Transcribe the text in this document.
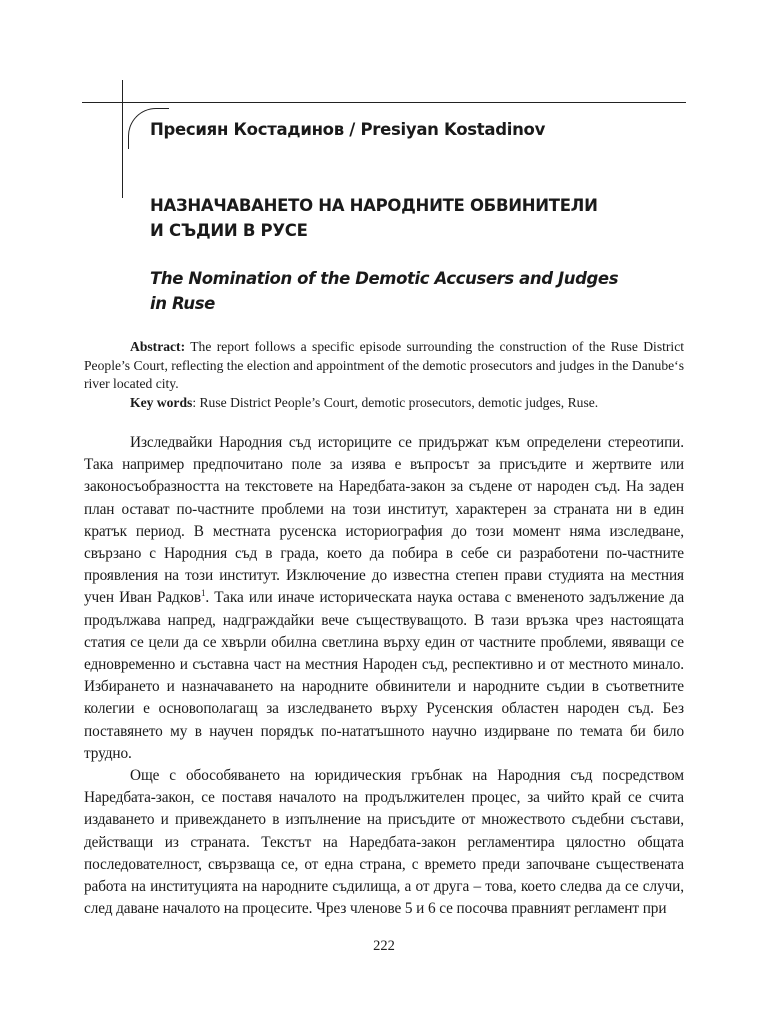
Пресиян Костадинов / Presiyan Kostadinov
НАЗНАЧАВАНЕТО НА НАРОДНИТЕ ОБВИНИТЕЛИ
И СЪДИИ В РУСЕ
The Nomination of the Demotic Accusers and Judges
in Ruse

Abstract: The report follows a specific episode surrounding the construction of the Ruse District People’s Court, reflecting the election and appointment of the demotic prosecutors and judges in the Danube‘s river located city.

Key words: Ruse District People’s Court, demotic prosecutors, demotic judges, Ruse.

Изследвайки Народния съд историците се придържат към определени стереотипи. Така например предпочитано поле за изява е въпросът за присъдите и жертвите или законосъобразността на текстовете на Наредбата-закон за съдене от народен съд. На заден план остават по-частните проблеми на този институт, характерен за страната ни в един кратък период. В местната русенска историография до този момент няма изследване, свързано с Народния съд в града, което да побира в себе си разработени по-частните проявления на този институт. Изключение до известна степен прави студията на местния учен Иван Радков$^1$. Така или иначе историческата наука остава с вмененото задължение да продължава напред, надграждайки вече съществуващото. В тази връзка чрез настоящата статия се цели да се хвърли обилна светлина върху един от частните проблеми, явяващи се едновременно и съставна част на местния Народен съд, респективно и от местното минало. Избирането и назначаването на народните обвинители и народните съдии в съответните колегии е основополагащ за изследването върху Русенския областен народен съд. Без поставянето му в научен порядък по-нататъшното научно издирване по темата би било трудно.

Още с обособяването на юридическия гръбнак на Народния съд посредством Наредбата-закон, се поставя началото на продължителен процес, за чийто край се счита издаването и привеждането в изпълнение на присъдите от множеството съдебни състави, действащи из страната. Текстът на Наредбата-закон регламентира цялостно общата последователност, свързваща се, от една страна, с времето преди започване съществената работа на институцията на народните съдилища, а от друга – това, което следва да се случи, след даване началото на процесите. Чрез членове 5 и 6 се посочва правният регламент при

222
